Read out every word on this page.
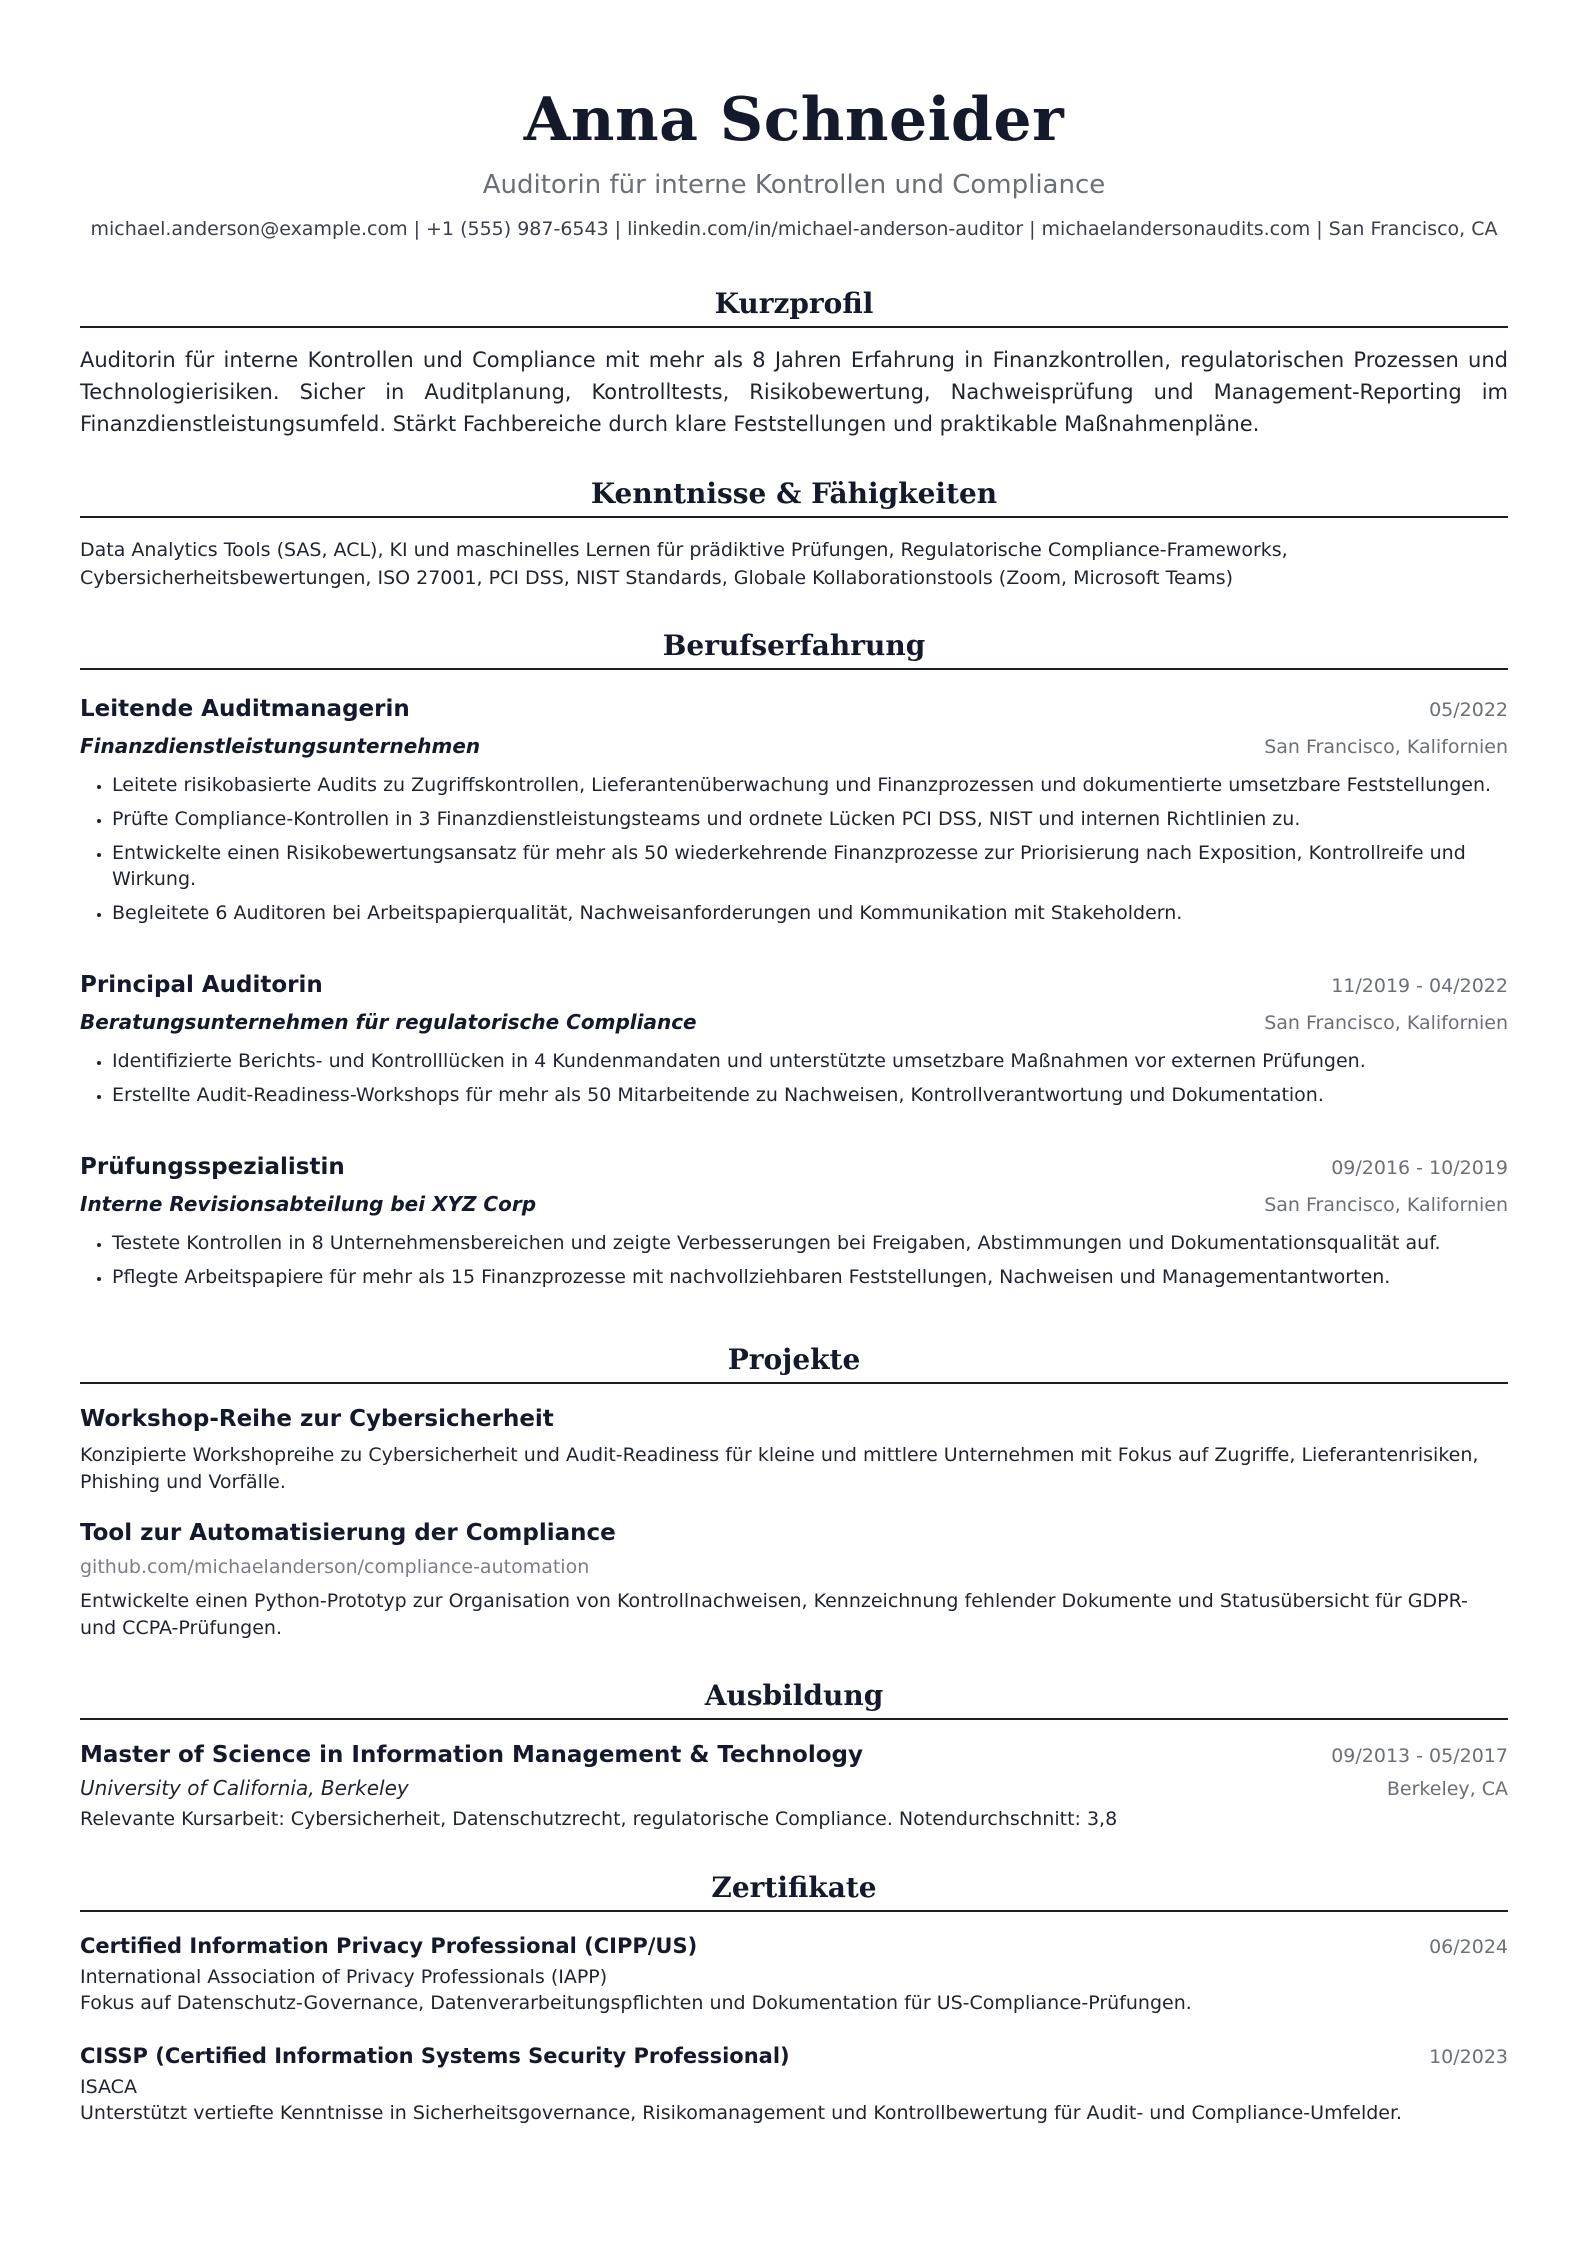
Anna Schneider
Auditorin für interne Kontrollen und Compliance
michael.anderson@example.com | +1 (555) 987-6543 | linkedin.com/in/michael-anderson-auditor | michaelandersonaudits.com | San Francisco, CA
Kurzprofil
Auditorin für interne Kontrollen und Compliance mit mehr als 8 Jahren Erfahrung in Finanzkontrollen, regulatorischen Prozessen und Technologierisiken. Sicher in Auditplanung, Kontrolltests, Risikobewertung, Nachweisprüfung und Management-Reporting im Finanzdienstleistungsumfeld. Stärkt Fachbereiche durch klare Feststellungen und praktikable Maßnahmenpläne.
Kenntnisse & Fähigkeiten
Data Analytics Tools (SAS, ACL), KI und maschinelles Lernen für prädiktive Prüfungen, Regulatorische Compliance-Frameworks, Cybersicherheitsbewertungen, ISO 27001, PCI DSS, NIST Standards, Globale Kollaborationstools (Zoom, Microsoft Teams)
Berufserfahrung
Leitende Auditmanagerin	05/2022
Finanzdienstleistungsunternehmen	San Francisco, Kalifornien
• Leitete risikobasierte Audits zu Zugriffskontrollen, Lieferantenüberwachung und Finanzprozessen und dokumentierte umsetzbare Feststellungen.
• Prüfte Compliance-Kontrollen in 3 Finanzdienstleistungsteams und ordnete Lücken PCI DSS, NIST und internen Richtlinien zu.
• Entwickelte einen Risikobewertungsansatz für mehr als 50 wiederkehrende Finanzprozesse zur Priorisierung nach Exposition, Kontrollreife und Wirkung.
• Begleitete 6 Auditoren bei Arbeitspapierqualität, Nachweisanforderungen und Kommunikation mit Stakeholdern.
Principal Auditorin	11/2019 - 04/2022
Beratungsunternehmen für regulatorische Compliance	San Francisco, Kalifornien
• Identifizierte Berichts- und Kontrolllücken in 4 Kundenmandaten und unterstützte umsetzbare Maßnahmen vor externen Prüfungen.
• Erstellte Audit-Readiness-Workshops für mehr als 50 Mitarbeitende zu Nachweisen, Kontrollverantwortung und Dokumentation.
Prüfungsspezialistin	09/2016 - 10/2019
Interne Revisionsabteilung bei XYZ Corp	San Francisco, Kalifornien
• Testete Kontrollen in 8 Unternehmensbereichen und zeigte Verbesserungen bei Freigaben, Abstimmungen und Dokumentationsqualität auf.
• Pflegte Arbeitspapiere für mehr als 15 Finanzprozesse mit nachvollziehbaren Feststellungen, Nachweisen und Managementantworten.
Projekte
Workshop-Reihe zur Cybersicherheit
Konzipierte Workshopreihe zu Cybersicherheit und Audit-Readiness für kleine und mittlere Unternehmen mit Fokus auf Zugriffe, Lieferantenrisiken, Phishing und Vorfälle.
Tool zur Automatisierung der Compliance
github.com/michaelanderson/compliance-automation
Entwickelte einen Python-Prototyp zur Organisation von Kontrollnachweisen, Kennzeichnung fehlender Dokumente und Statusübersicht für GDPR- und CCPA-Prüfungen.
Ausbildung
Master of Science in Information Management & Technology	09/2013 - 05/2017
University of California, Berkeley	Berkeley, CA
Relevante Kursarbeit: Cybersicherheit, Datenschutzrecht, regulatorische Compliance. Notendurchschnitt: 3,8
Zertifikate
Certified Information Privacy Professional (CIPP/US)	06/2024
International Association of Privacy Professionals (IAPP)
Fokus auf Datenschutz-Governance, Datenverarbeitungspflichten und Dokumentation für US-Compliance-Prüfungen.
CISSP (Certified Information Systems Security Professional)	10/2023
ISACA
Unterstützt vertiefte Kenntnisse in Sicherheitsgovernance, Risikomanagement und Kontrollbewertung für Audit- und Compliance-Umfelder.
